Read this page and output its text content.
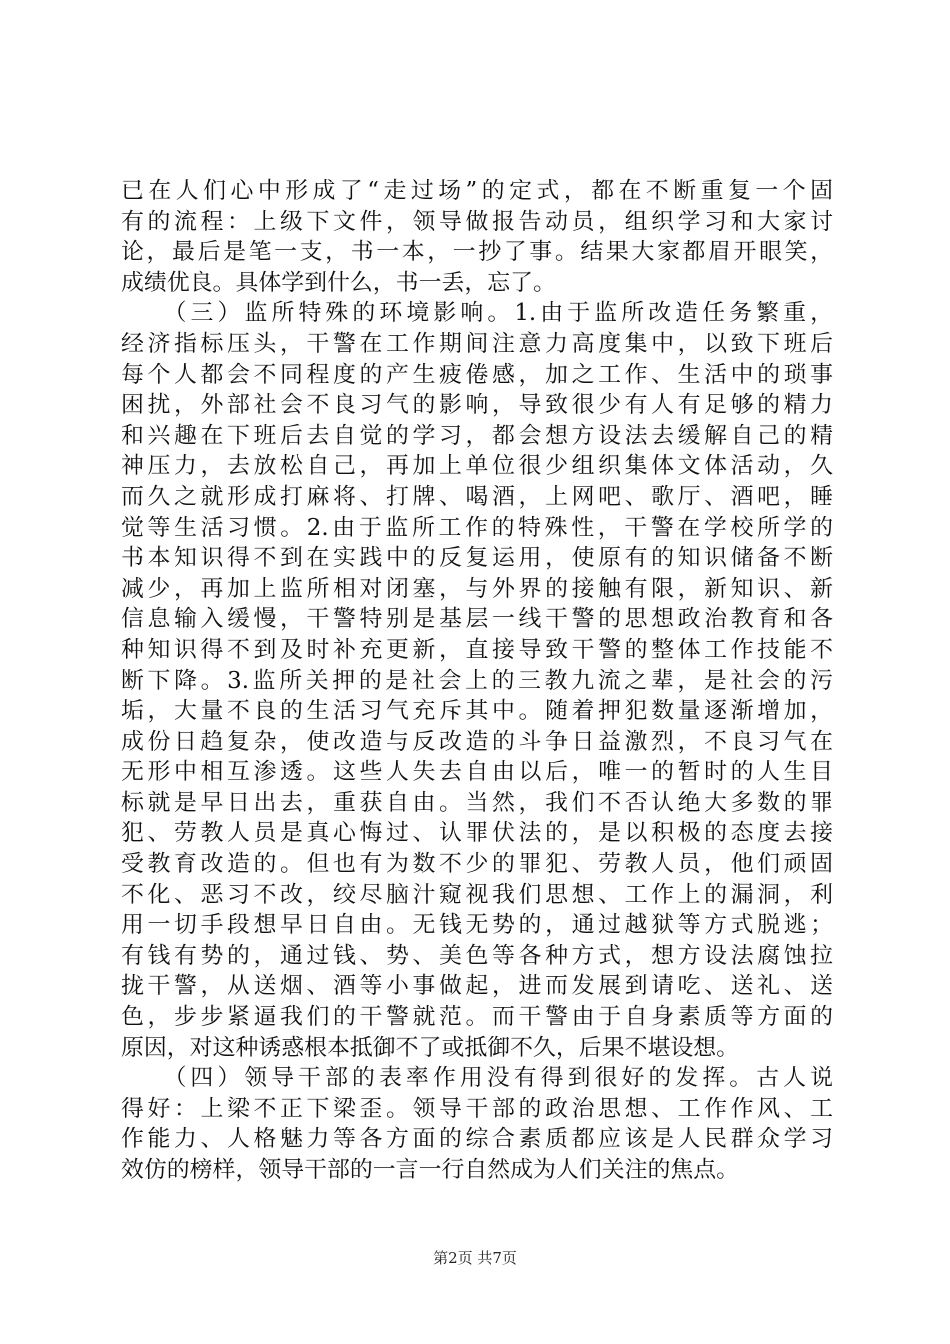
已在人们心中形成了“走过场”的定式，都在不断重复一个固
有的流程：上级下文件，领导做报告动员，组织学习和大家讨
论，最后是笔一支，书一本，一抄了事。结果大家都眉开眼笑，
成绩优良。具体学到什么，书一丢，忘了。
　　（三）监所特殊的环境影响。1.由于监所改造任务繁重，
经济指标压头，干警在工作期间注意力高度集中，以致下班后
每个人都会不同程度的产生疲倦感，加之工作、生活中的琐事
困扰，外部社会不良习气的影响，导致很少有人有足够的精力
和兴趣在下班后去自觉的学习，都会想方设法去缓解自己的精
神压力，去放松自己，再加上单位很少组织集体文体活动，久
而久之就形成打麻将、打牌、喝酒，上网吧、歌厅、酒吧，睡
觉等生活习惯。2.由于监所工作的特殊性，干警在学校所学的
书本知识得不到在实践中的反复运用，使原有的知识储备不断
减少，再加上监所相对闭塞，与外界的接触有限，新知识、新
信息输入缓慢，干警特别是基层一线干警的思想政治教育和各
种知识得不到及时补充更新，直接导致干警的整体工作技能不
断下降。3.监所关押的是社会上的三教九流之辈，是社会的污
垢，大量不良的生活习气充斥其中。随着押犯数量逐渐增加，
成份日趋复杂，使改造与反改造的斗争日益激烈，不良习气在
无形中相互渗透。这些人失去自由以后，唯一的暂时的人生目
标就是早日出去，重获自由。当然，我们不否认绝大多数的罪
犯、劳教人员是真心悔过、认罪伏法的，是以积极的态度去接
受教育改造的。但也有为数不少的罪犯、劳教人员，他们顽固
不化、恶习不改，绞尽脑汁窥视我们思想、工作上的漏洞，利
用一切手段想早日自由。无钱无势的，通过越狱等方式脱逃；
有钱有势的，通过钱、势、美色等各种方式，想方设法腐蚀拉
拢干警，从送烟、酒等小事做起，进而发展到请吃、送礼、送
色，步步紧逼我们的干警就范。而干警由于自身素质等方面的
原因，对这种诱惑根本抵御不了或抵御不久，后果不堪设想。
　　（四）领导干部的表率作用没有得到很好的发挥。古人说
得好：上梁不正下梁歪。领导干部的政治思想、工作作风、工
作能力、人格魅力等各方面的综合素质都应该是人民群众学习
效仿的榜样，领导干部的一言一行自然成为人们关注的焦点。
第2页 共7页
